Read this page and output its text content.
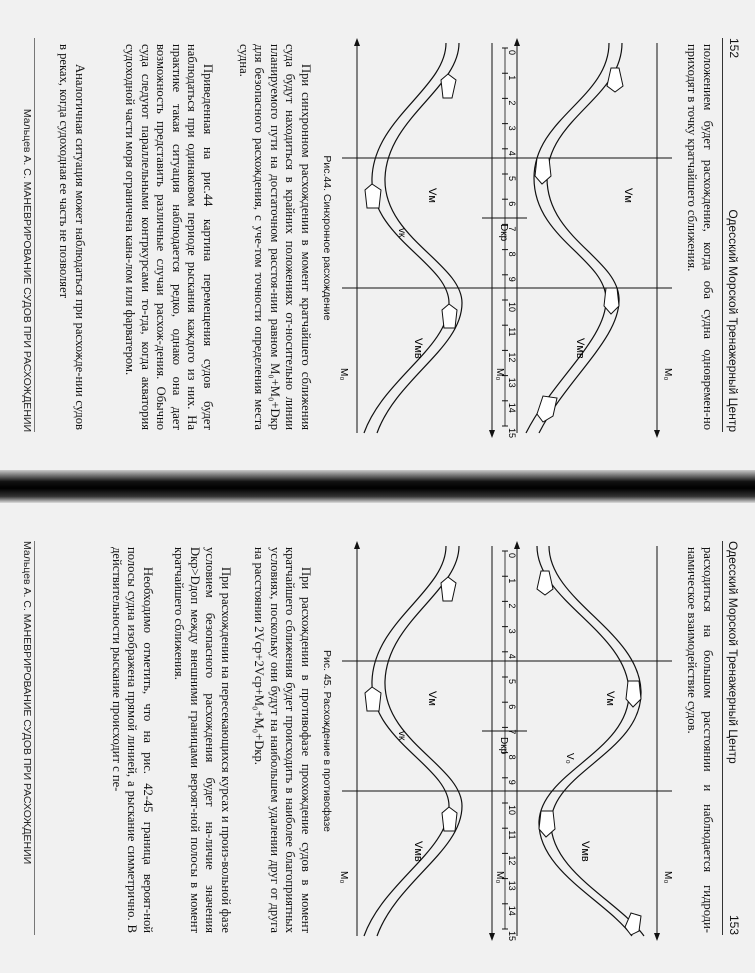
152
Одесский Морской Тренажерный Центр

положением будет расхождение, когда оба судна одновремен-но приходят в точку кратчайшего сближения.

0
1
2
3
4
5
6
7
8
9
10
11
12
13
14
15
Vм
Vмв
Vм
Vмв
Dкр
vк
M₀
M₀
M₀
Рис.44. Синхронное расхождение

При синхронном расхождении в момент кратчайшего сближения суда будут находиться в крайних положениях от-носительно линии планируемого пути на достаточном расстоя-нии равном M₀+M₀+Dкр для безопасного расхождения, с уче-том точности определения места судна.

Приведенная на рис.44 картина перемещения судов будет наблюдаться при одинаковом периоде рыскания каждого из них. На практике такая ситуация наблюдается редко, однако она дает возможность представить различные случаи расхож-дения. Обычно суда следуют параллельными контркурсами то-гда, когда акватория судоходной части моря ограничена кана-лом или фарватером.

Аналогичная ситуация может наблюдаться при расхожде-нии судов в реках, когда судоходная ее часть не позволяет

Мальцев А. С. МАНЕВРИРОВАНИЕ СУДОВ ПРИ РАСХОЖДЕНИИ
Одесский Морской Тренажерный Центр
153

расходиться на большом расстоянии и наблюдается гидроди-намическое взаимодействие судов.

0
1
2
3
4
5
6
7
8
9
10
11
12
13
14
15
Vм
Vмв
V₀
Vм
Vмв
Dкр
vк
M₀
M₀
M₀
Рис. 45. Расхождение в противофазе

При расхождении в противофазе прохождение судов в момент кратчайшего сближения будет происходить в наиболее благоприятных условиях, поскольку они будут на наибольшем удалении друг от друга на расстоянии 2Vср+2Vср+M₀+M₀+Dкр.

При расхождении на пересекающихся курсах и произ-вольной фазе условием безопасного расхождения будет на-личие значения Dкр>Dдоп между внешними границами вероят-ной полосы в момент кратчайшего сближения.

Необходимо отметить, что на рис. 42-45 граница вероят-ной полосы судна изображена прямой линией, а рыскание симметрично. В действительности рыскание происходит с пе-

Мальцев А. С. МАНЕВРИРОВАНИЕ СУДОВ ПРИ РАСХОЖДЕНИИ
